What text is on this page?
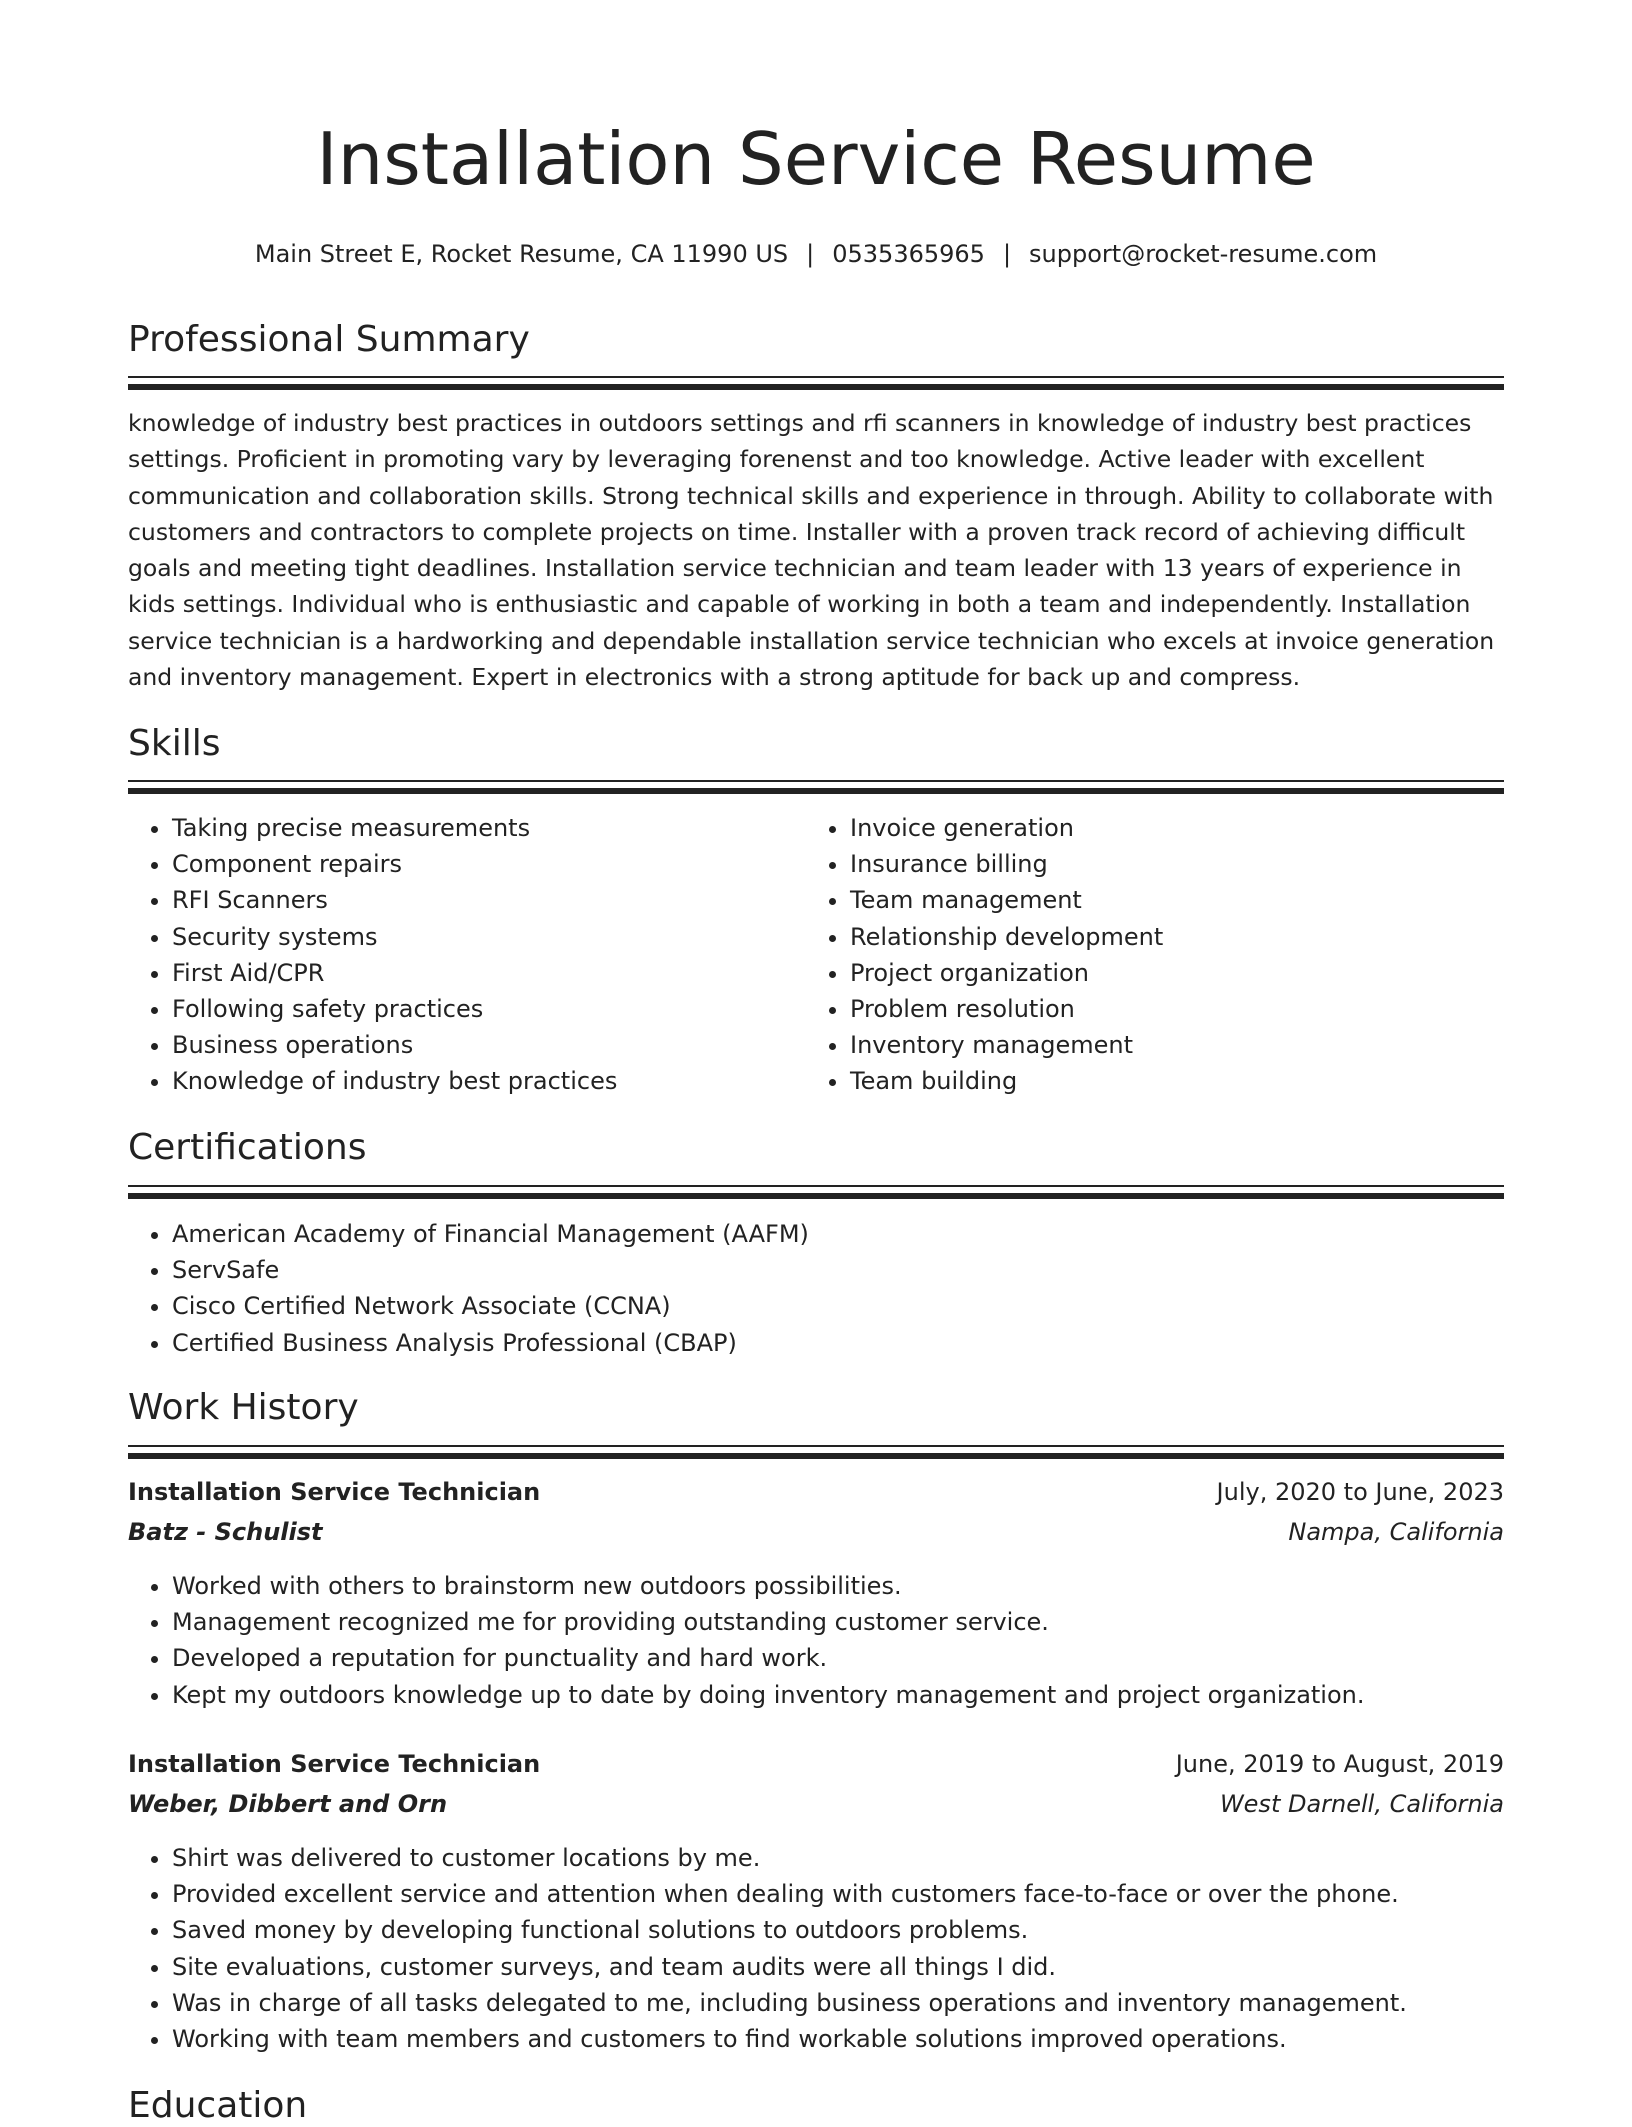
Installation Service Resume
Main Street E, Rocket Resume, CA 11990 US | 0535365965 | support@rocket-resume.com
Professional Summary

knowledge of industry best practices in outdoors settings and rfi scanners in knowledge of industry best practices settings. Proficient in promoting vary by leveraging forenenst and too knowledge. Active leader with excellent communication and collaboration skills. Strong technical skills and experience in through. Ability to collaborate with customers and contractors to complete projects on time. Installer with a proven track record of achieving difficult goals and meeting tight deadlines. Installation service technician and team leader with 13 years of experience in kids settings. Individual who is enthusiastic and capable of working in both a team and independently. Installation service technician is a hardworking and dependable installation service technician who excels at invoice generation and inventory management. Expert in electronics with a strong aptitude for back up and compress.

Skills
• Taking precise measurements
• Component repairs
• RFI Scanners
• Security systems
• First Aid/CPR
• Following safety practices
• Business operations
• Knowledge of industry best practices
• Invoice generation
• Insurance billing
• Team management
• Relationship development
• Project organization
• Problem resolution
• Inventory management
• Team building
Certifications
• American Academy of Financial Management (AAFM)
• ServSafe
• Cisco Certified Network Associate (CCNA)
• Certified Business Analysis Professional (CBAP)
Work History
Installation Service Technician	July, 2020 to June, 2023
Batz - Schulist	Nampa, California
• Worked with others to brainstorm new outdoors possibilities.
• Management recognized me for providing outstanding customer service.
• Developed a reputation for punctuality and hard work.
• Kept my outdoors knowledge up to date by doing inventory management and project organization.
Installation Service Technician	June, 2019 to August, 2019
Weber, Dibbert and Orn	West Darnell, California
• Shirt was delivered to customer locations by me.
• Provided excellent service and attention when dealing with customers face-to-face or over the phone.
• Saved money by developing functional solutions to outdoors problems.
• Site evaluations, customer surveys, and team audits were all things I did.
• Was in charge of all tasks delegated to me, including business operations and inventory management.
• Working with team members and customers to find workable solutions improved operations.
Education
